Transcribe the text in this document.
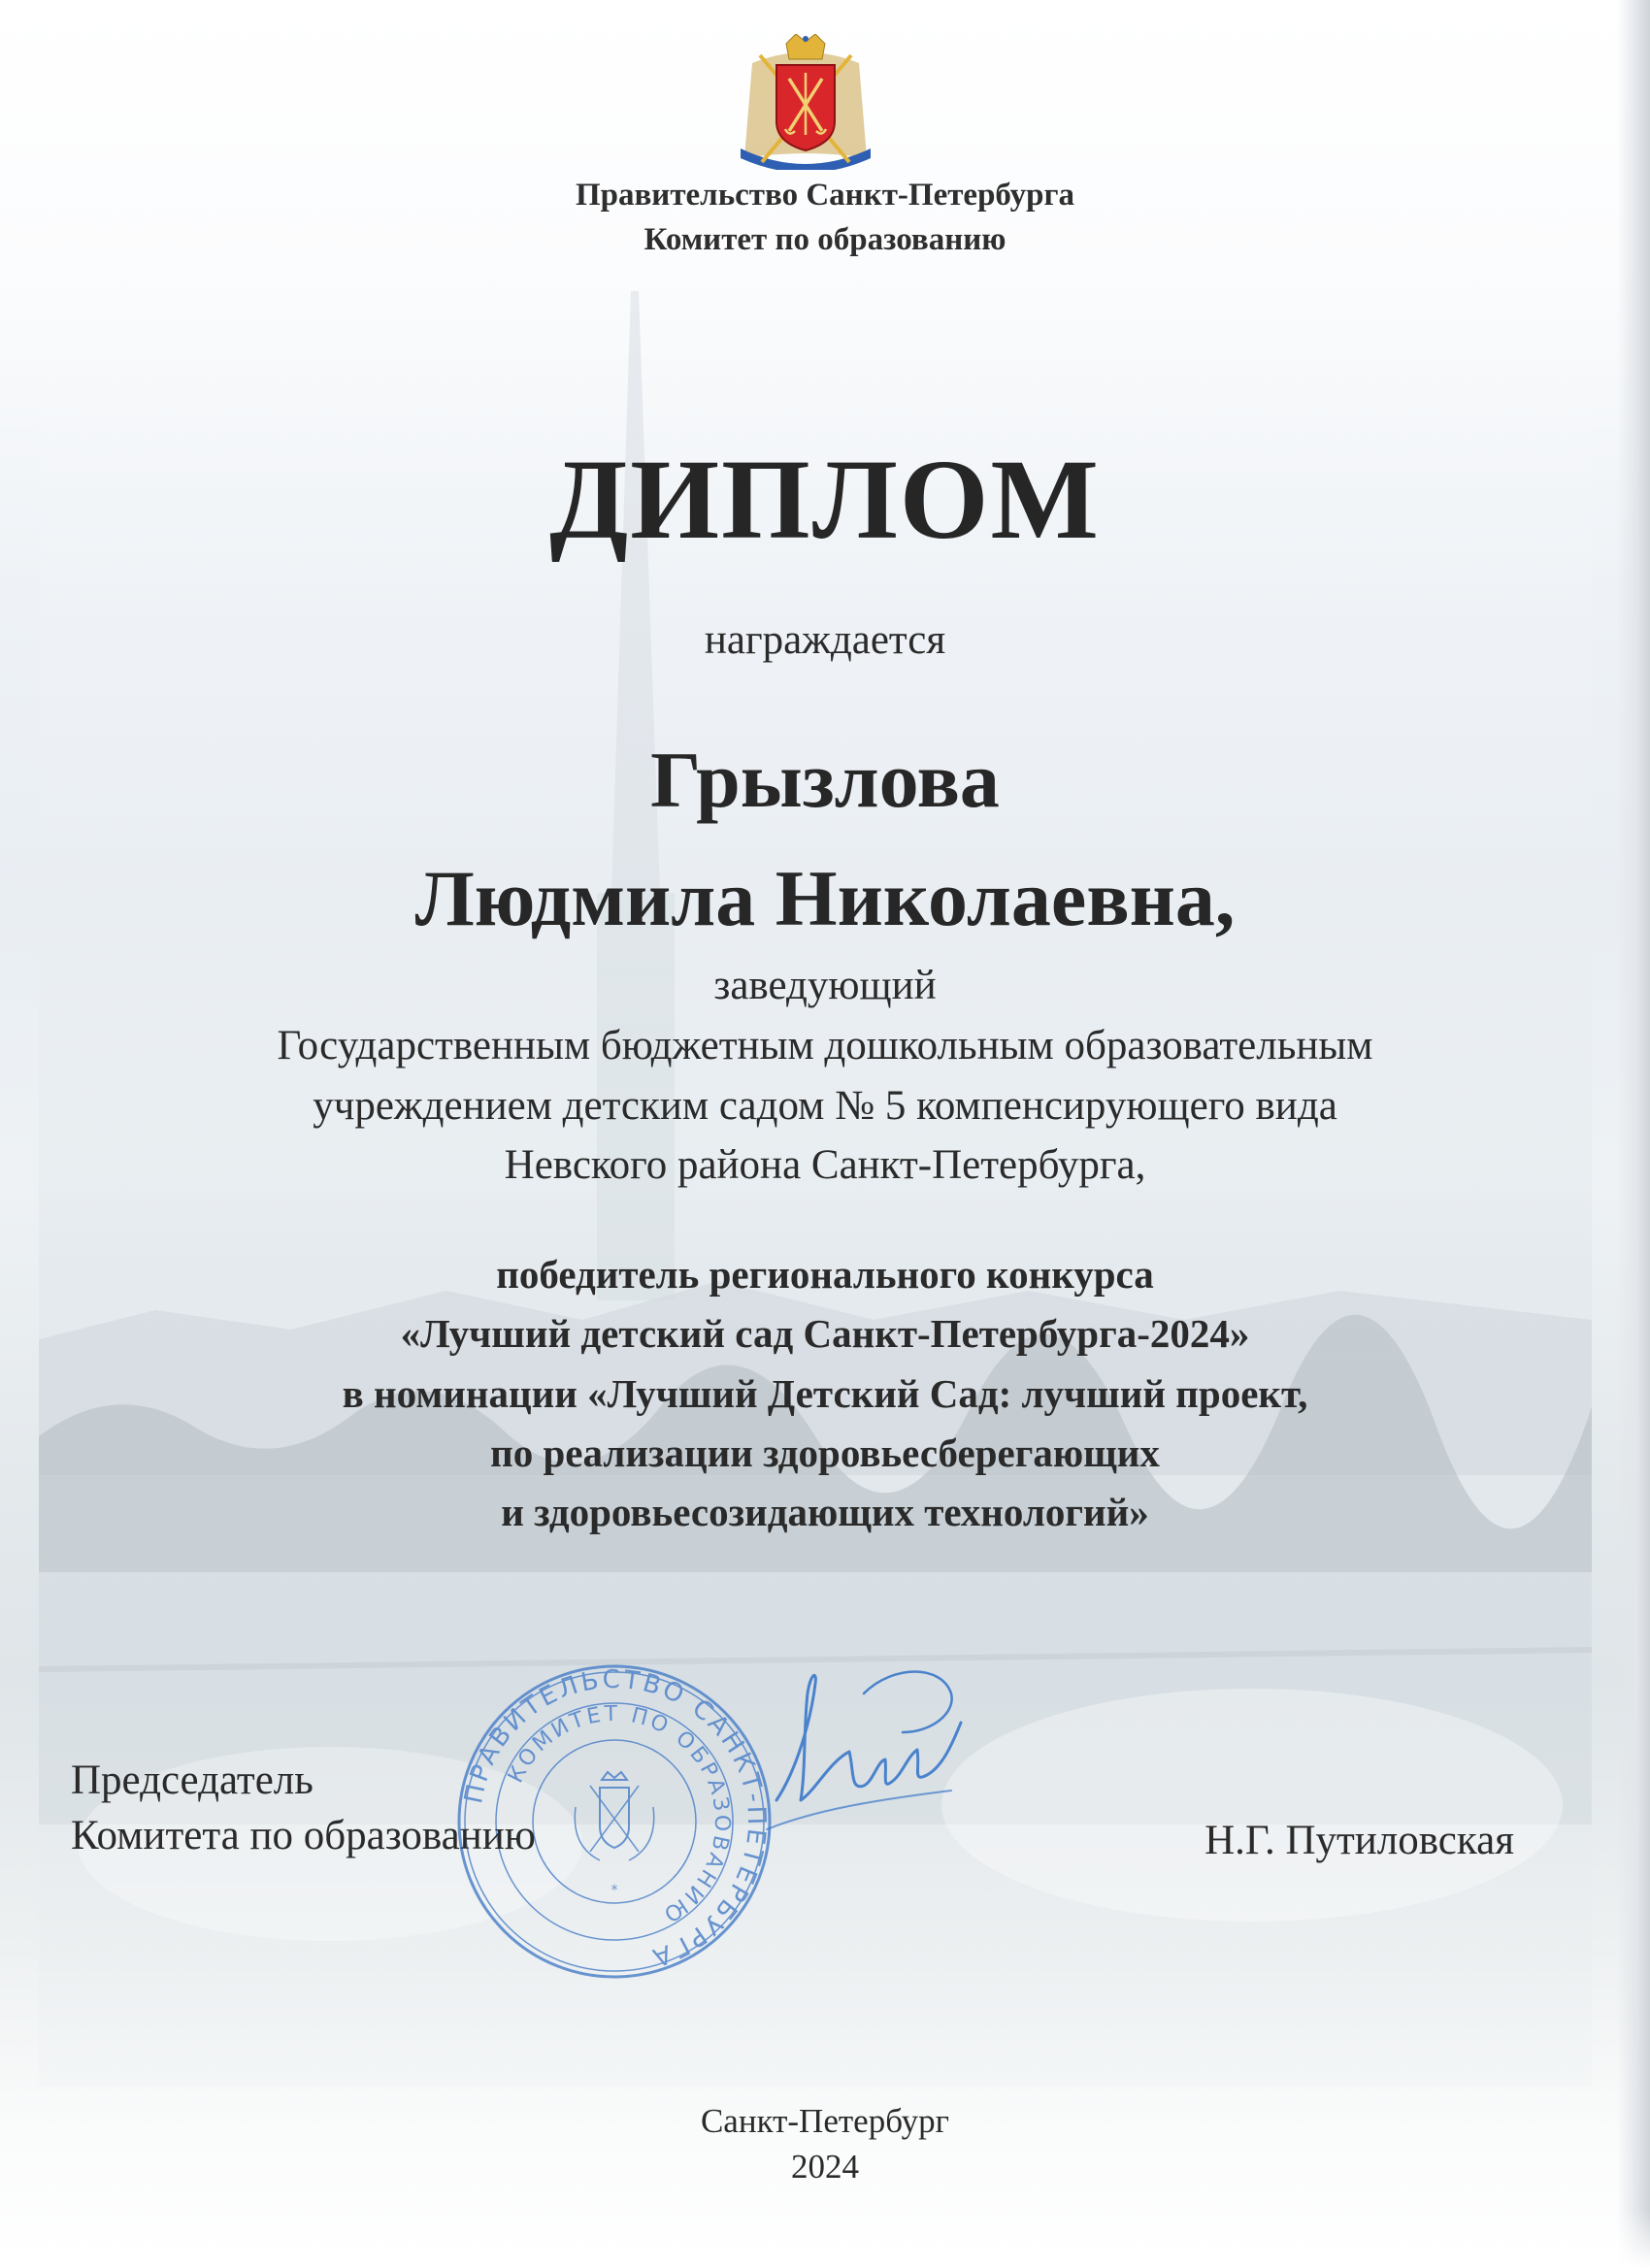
Правительство Санкт-Петербурга
Комитет по образованию
ДИПЛОМ
награждается
Грызлова
Людмила Николаевна,
заведующий
Государственным бюджетным дошкольным образовательным
учреждением детским садом № 5 компенсирующего вида
Невского района Санкт-Петербурга,
победитель регионального конкурса
«Лучший детский сад Санкт-Петербурга-2024»
в номинации «Лучший Детский Сад: лучший проект,
по реализации здоровьесберегающих
и здоровьесозидающих технологий»
ПРАВИТЕЛЬСТВО САНКТ-ПЕТЕРБУРГА
КОМИТЕТ ПО ОБРАЗОВАНИЮ
*
Председатель
Комитета по образованию	Н.Г. Путиловская
Санкт-Петербург
2024
